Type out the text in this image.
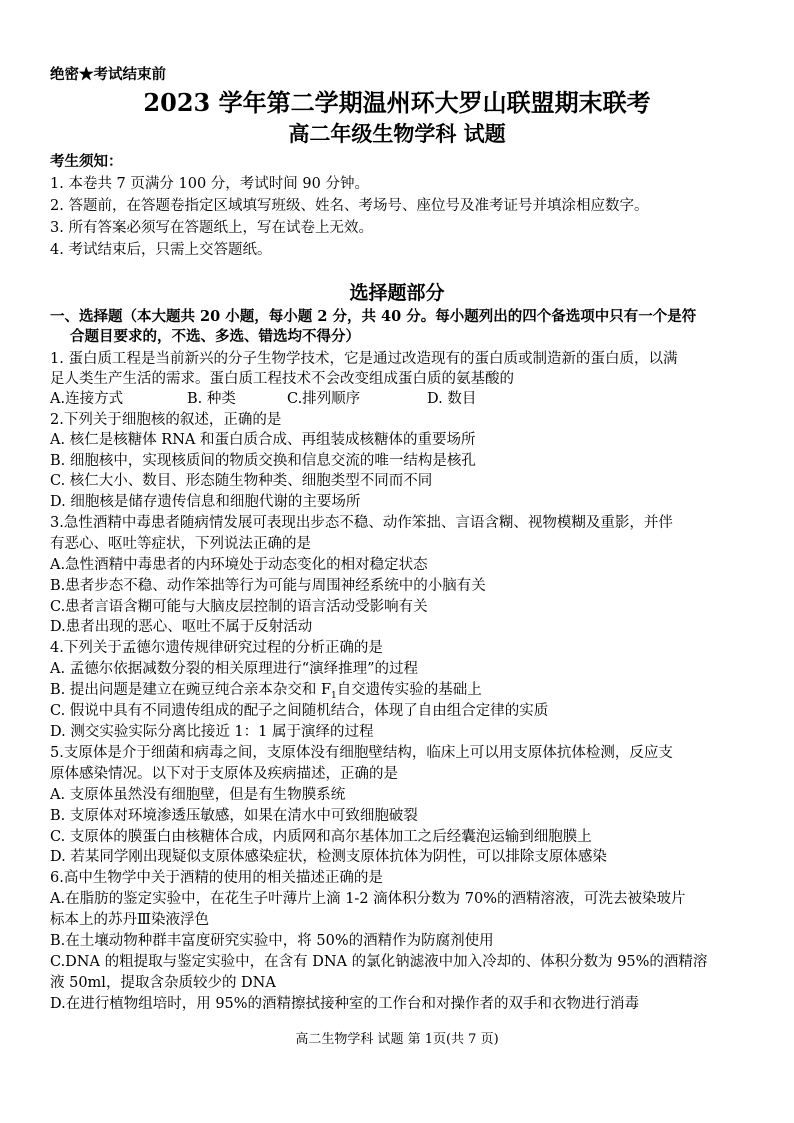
绝密★考试结束前
2023 学年第二学期温州环大罗山联盟期末联考
高二年级生物学科 试题
考生须知：
1. 本卷共 7 页满分 100 分，考试时间 90 分钟。
2. 答题前，在答题卷指定区域填写班级、姓名、考场号、座位号及准考证号并填涂相应数字。
3. 所有答案必须写在答题纸上，写在试卷上无效。
4. 考试结束后，只需上交答题纸。
选择题部分
一、选择题（本大题共 20 小题，每小题 2 分，共 40 分。每小题列出的四个备选项中只有一个是符
合题目要求的，不选、多选、错选均不得分）
1. 蛋白质工程是当前新兴的分子生物学技术，它是通过改造现有的蛋白质或制造新的蛋白质，以满
足人类生产生活的需求。蛋白质工程技术不会改变组成蛋白质的氨基酸的
A.连接方式	B. 种类	C.排列顺序	D. 数目
2.下列关于细胞核的叙述，正确的是
A. 核仁是核糖体 RNA 和蛋白质合成、再组装成核糖体的重要场所
B. 细胞核中，实现核质间的物质交换和信息交流的唯一结构是核孔
C. 核仁大小、数目、形态随生物种类、细胞类型不同而不同
D. 细胞核是储存遗传信息和细胞代谢的主要场所
3.急性酒精中毒患者随病情发展可表现出步态不稳、动作笨拙、言语含糊、视物模糊及重影，并伴
有恶心、呕吐等症状，下列说法正确的是
A.急性酒精中毒患者的内环境处于动态变化的相对稳定状态
B.患者步态不稳、动作笨拙等行为可能与周围神经系统中的小脑有关
C.患者言语含糊可能与大脑皮层控制的语言活动受影响有关
D.患者出现的恶心、呕吐不属于反射活动
4.下列关于孟德尔遗传规律研究过程的分析正确的是
A. 孟德尔依据减数分裂的相关原理进行“演绎推理”的过程
B. 提出问题是建立在豌豆纯合亲本杂交和 $F_1$自交遗传实验的基础上
C. 假说中具有不同遗传组成的配子之间随机结合，体现了自由组合定律的实质
D. 测交实验实际分离比接近 1：1 属于演绎的过程
5.支原体是介于细菌和病毒之间，支原体没有细胞壁结构，临床上可以用支原体抗体检测，反应支
原体感染情况。以下对于支原体及疾病描述，正确的是
A. 支原体虽然没有细胞壁，但是有生物膜系统
B. 支原体对环境渗透压敏感，如果在清水中可致细胞破裂
C. 支原体的膜蛋白由核糖体合成，内质网和高尔基体加工之后经囊泡运输到细胞膜上
D. 若某同学刚出现疑似支原体感染症状，检测支原体抗体为阴性，可以排除支原体感染
6.高中生物学中关于酒精的使用的相关描述正确的是
A.在脂肪的鉴定实验中，在花生子叶薄片上滴 1-2 滴体积分数为 70%的酒精溶液，可洗去被染玻片
标本上的苏丹Ⅲ染液浮色
B.在土壤动物种群丰富度研究实验中，将 50%的酒精作为防腐剂使用
C.DNA 的粗提取与鉴定实验中，在含有 DNA 的氯化钠滤液中加入冷却的、体积分数为 95%的酒精溶
液 50ml，提取含杂质较少的 DNA
D.在进行植物组培时，用 95%的酒精擦拭接种室的工作台和对操作者的双手和衣物进行消毒
高二生物学科 试题 第 1页(共 7 页)
